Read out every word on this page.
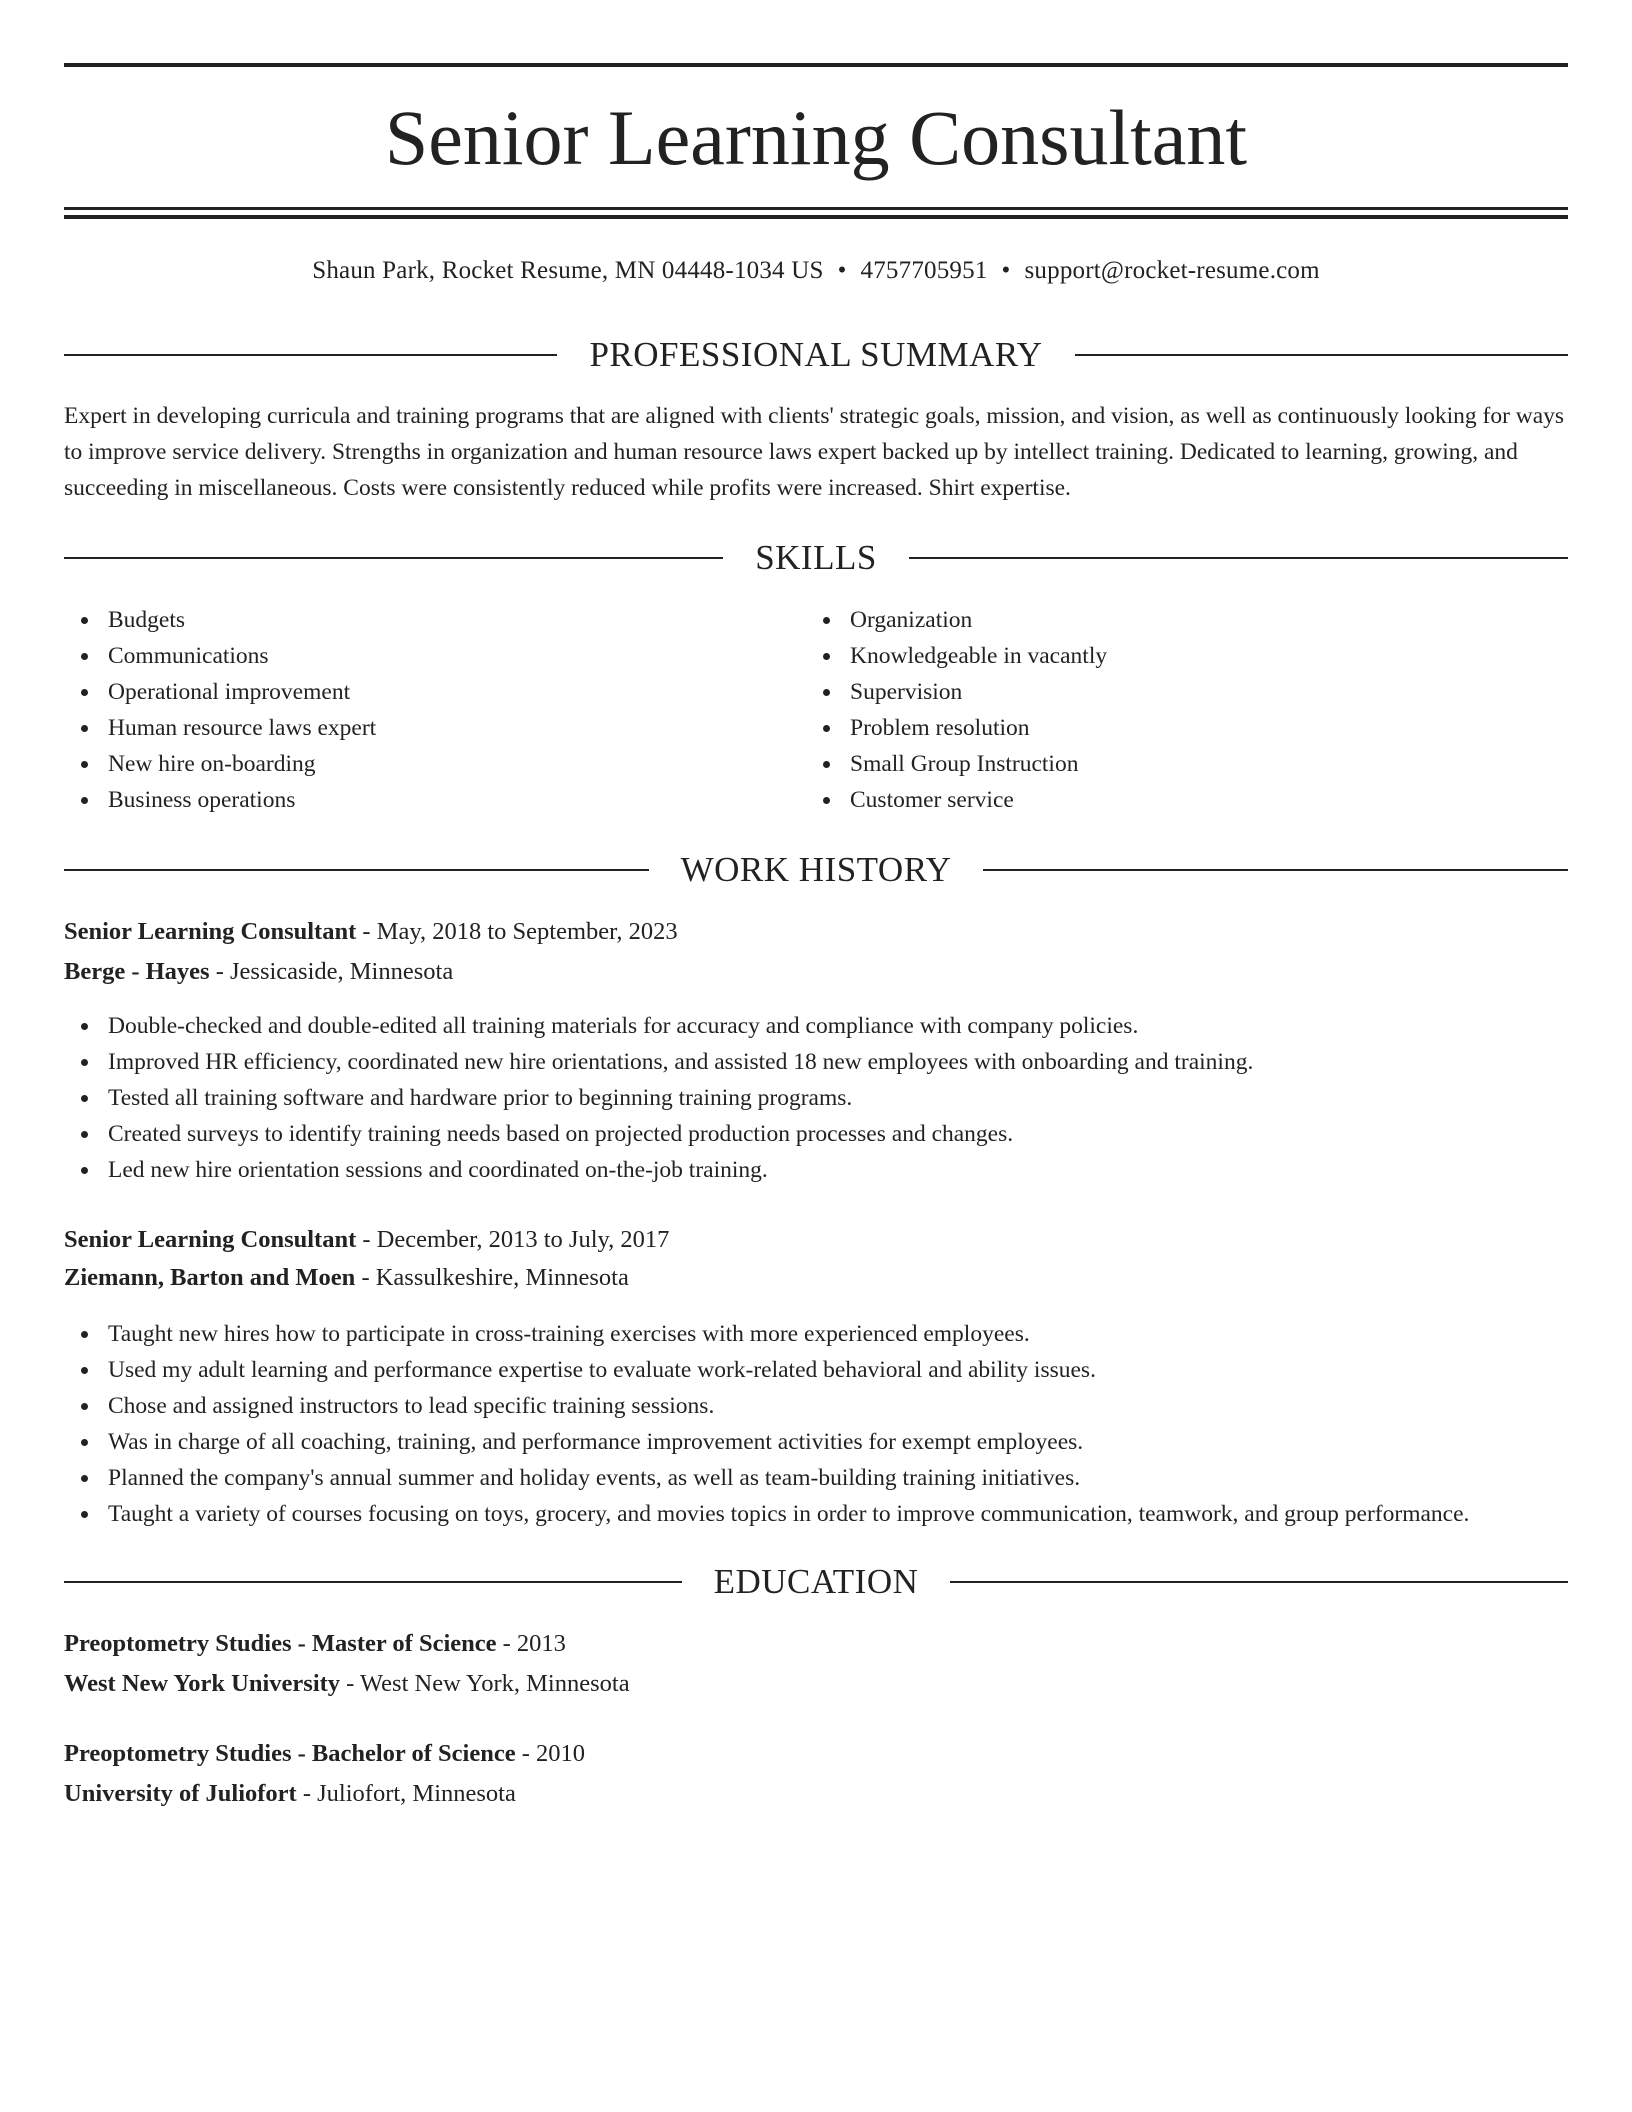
Senior Learning Consultant
Shaun Park, Rocket Resume, MN 04448-1034 US • 4757705951 • support@rocket-resume.com
PROFESSIONAL SUMMARY

Expert in developing curricula and training programs that are aligned with clients' strategic goals, mission, and vision, as well as continuously looking for ways to improve service delivery. Strengths in organization and human resource laws expert backed up by intellect training. Dedicated to learning, growing, and succeeding in miscellaneous. Costs were consistently reduced while profits were increased. Shirt expertise.

SKILLS
Budgets
Communications
Operational improvement
Human resource laws expert
New hire on-boarding
Business operations
Organization
Knowledgeable in vacantly
Supervision
Problem resolution
Small Group Instruction
Customer service
WORK HISTORY
Senior Learning Consultant - May, 2018 to September, 2023
Berge - Hayes - Jessicaside, Minnesota
Double-checked and double-edited all training materials for accuracy and compliance with company policies.
Improved HR efficiency, coordinated new hire orientations, and assisted 18 new employees with onboarding and training.
Tested all training software and hardware prior to beginning training programs.
Created surveys to identify training needs based on projected production processes and changes.
Led new hire orientation sessions and coordinated on-the-job training.
Senior Learning Consultant - December, 2013 to July, 2017
Ziemann, Barton and Moen - Kassulkeshire, Minnesota
Taught new hires how to participate in cross-training exercises with more experienced employees.
Used my adult learning and performance expertise to evaluate work-related behavioral and ability issues.
Chose and assigned instructors to lead specific training sessions.
Was in charge of all coaching, training, and performance improvement activities for exempt employees.
Planned the company's annual summer and holiday events, as well as team-building training initiatives.
Taught a variety of courses focusing on toys, grocery, and movies topics in order to improve communication, teamwork, and group performance.
EDUCATION
Preoptometry Studies - Master of Science - 2013
West New York University - West New York, Minnesota
Preoptometry Studies - Bachelor of Science - 2010
University of Juliofort - Juliofort, Minnesota
